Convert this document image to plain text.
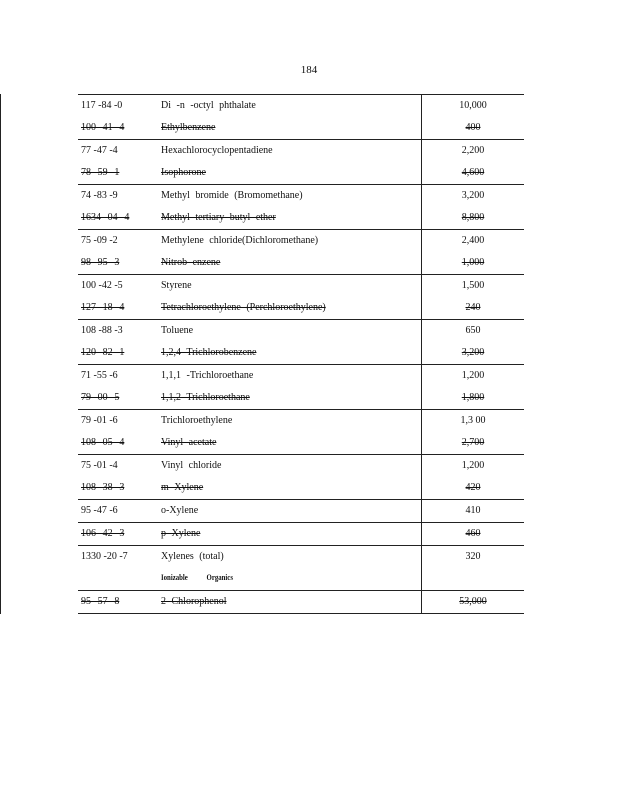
184
117 -84 -0	Di -n -octyl phthalate	10,000
100--41--4	Ethylbenzene	400
77 -47 -4	Hexachlorocyclopentadiene	2,200
78--59--1	Isophorone	4,600
74 -83 -9	Methyl bromide (Bromomethane)	3,200
1634--04--4	Methyl tertiary butyl ether	8,800
75 -09 -2	Methylene chloride(Dichloromethane)	2,400
98--95--3	Nitrob enzene	1,000
100 -42 -5	Styrene	1,500
127--18--4	Tetrachloroethylene (Perchloroethylene)	240
108 -88 -3	Toluene	650
120--82--1	1,2,4 Trichlorobenzene	3,200
71 -55 -6	1,1,1 -Trichloroethane	1,200
79--00--5	1,1,2 Trichloroethane	1,800
79 -01 -6	Trichloroethylene	1,3 00
108--05--4	Vinyl acetate	2,700
75 -01 -4	Vinyl chloride	1,200
108--38--3	m Xylene	420
95 -47 -6	o-Xylene	410
106--42--3	p Xylene	460
1330 -20 -7	Xylenes (total)	320
Ionizable Organics
95--57--8	2 Chlorophenol	53,000
